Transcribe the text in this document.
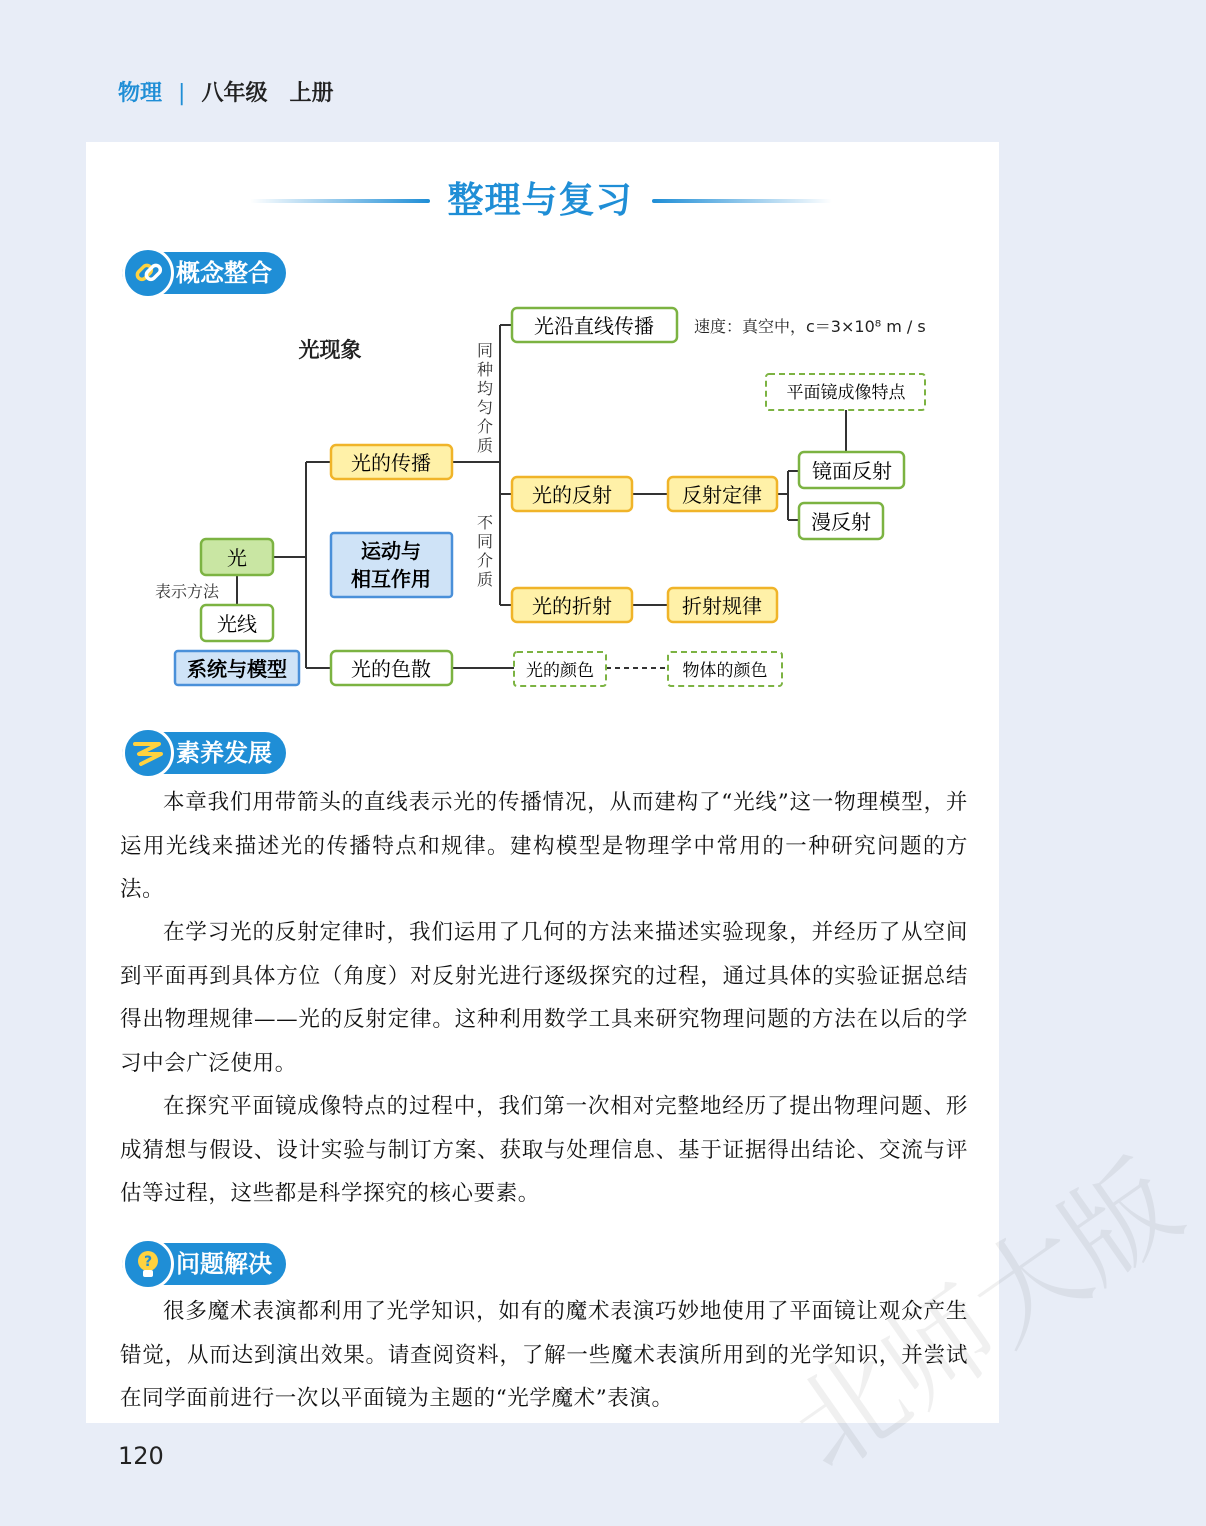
物理 | 八年级　上册
整理与复习
概念整合
光现象
光
表示方法
光线
系统与模型
光的传播
运动与
相互作用
光的色散
同
种
均
匀
介
质
不
同
介
质
光沿直线传播	速度：真空中，c＝3×10⁸ m / s
光的反射	反射定律
光的折射	折射规律
平面镜成像特点
镜面反射
漫反射
光的颜色	物体的颜色
素养发展

本章我们用带箭头的直线表示光的传播情况，从而建构了“光线”这一物理模型，并运用光线来描述光的传播特点和规律。建构模型是物理学中常用的一种研究问题的方法。

在学习光的反射定律时，我们运用了几何的方法来描述实验现象，并经历了从空间到平面再到具体方位（角度）对反射光进行逐级探究的过程，通过具体的实验证据总结得出物理规律——光的反射定律。这种利用数学工具来研究物理问题的方法在以后的学习中会广泛使用。

在探究平面镜成像特点的过程中，我们第一次相对完整地经历了提出物理问题、形成猜想与假设、设计实验与制订方案、获取与处理信息、基于证据得出结论、交流与评估等过程，这些都是科学探究的核心要素。

? 问题解决

很多魔术表演都利用了光学知识，如有的魔术表演巧妙地使用了平面镜让观众产生错觉，从而达到演出效果。请查阅资料，了解一些魔术表演所用到的光学知识，并尝试在同学面前进行一次以平面镜为主题的“光学魔术”表演。 北师大版
120
